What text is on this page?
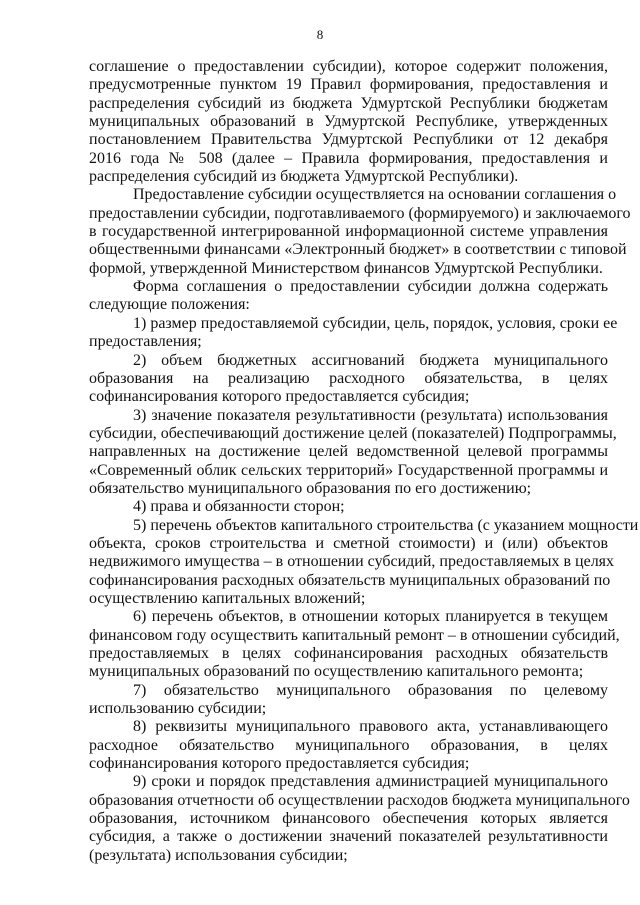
8
соглашение о предоставлении субсидии), которое содержит положения,
предусмотренные пунктом 19 Правил формирования, предоставления и
распределения субсидий из бюджета Удмуртской Республики бюджетам
муниципальных образований в Удмуртской Республике, утвержденных
постановлением Правительства Удмуртской Республики от 12 декабря
2016 года № 508 (далее – Правила формирования, предоставления и
распределения субсидий из бюджета Удмуртской Республики).
Предоставление субсидии осуществляется на основании соглашения о
предоставлении субсидии, подготавливаемого (формируемого) и заключаемого
в государственной интегрированной информационной системе управления
общественными финансами «Электронный бюджет» в соответствии с типовой
формой, утвержденной Министерством финансов Удмуртской Республики.
Форма соглашения о предоставлении субсидии должна содержать
следующие положения:
1) размер предоставляемой субсидии, цель, порядок, условия, сроки ее
предоставления;
2) объем бюджетных ассигнований бюджета муниципального
образования на реализацию расходного обязательства, в целях
софинансирования которого предоставляется субсидия;
3) значение показателя результативности (результата) использования
субсидии, обеспечивающий достижение целей (показателей) Подпрограммы,
направленных на достижение целей ведомственной целевой программы
«Современный облик сельских территорий» Государственной программы и
обязательство муниципального образования по его достижению;
4) права и обязанности сторон;
5) перечень объектов капитального строительства (с указанием мощности
объекта, сроков строительства и сметной стоимости) и (или) объектов
недвижимого имущества – в отношении субсидий, предоставляемых в целях
софинансирования расходных обязательств муниципальных образований по
осуществлению капитальных вложений;
6) перечень объектов, в отношении которых планируется в текущем
финансовом году осуществить капитальный ремонт – в отношении субсидий,
предоставляемых в целях софинансирования расходных обязательств
муниципальных образований по осуществлению капитального ремонта;
7) обязательство муниципального образования по целевому
использованию субсидии;
8) реквизиты муниципального правового акта, устанавливающего
расходное обязательство муниципального образования, в целях
софинансирования которого предоставляется субсидия;
9) сроки и порядок представления администрацией муниципального
образования отчетности об осуществлении расходов бюджета муниципального
образования, источником финансового обеспечения которых является
субсидия, а также о достижении значений показателей результативности
(результата) использования субсидии;
